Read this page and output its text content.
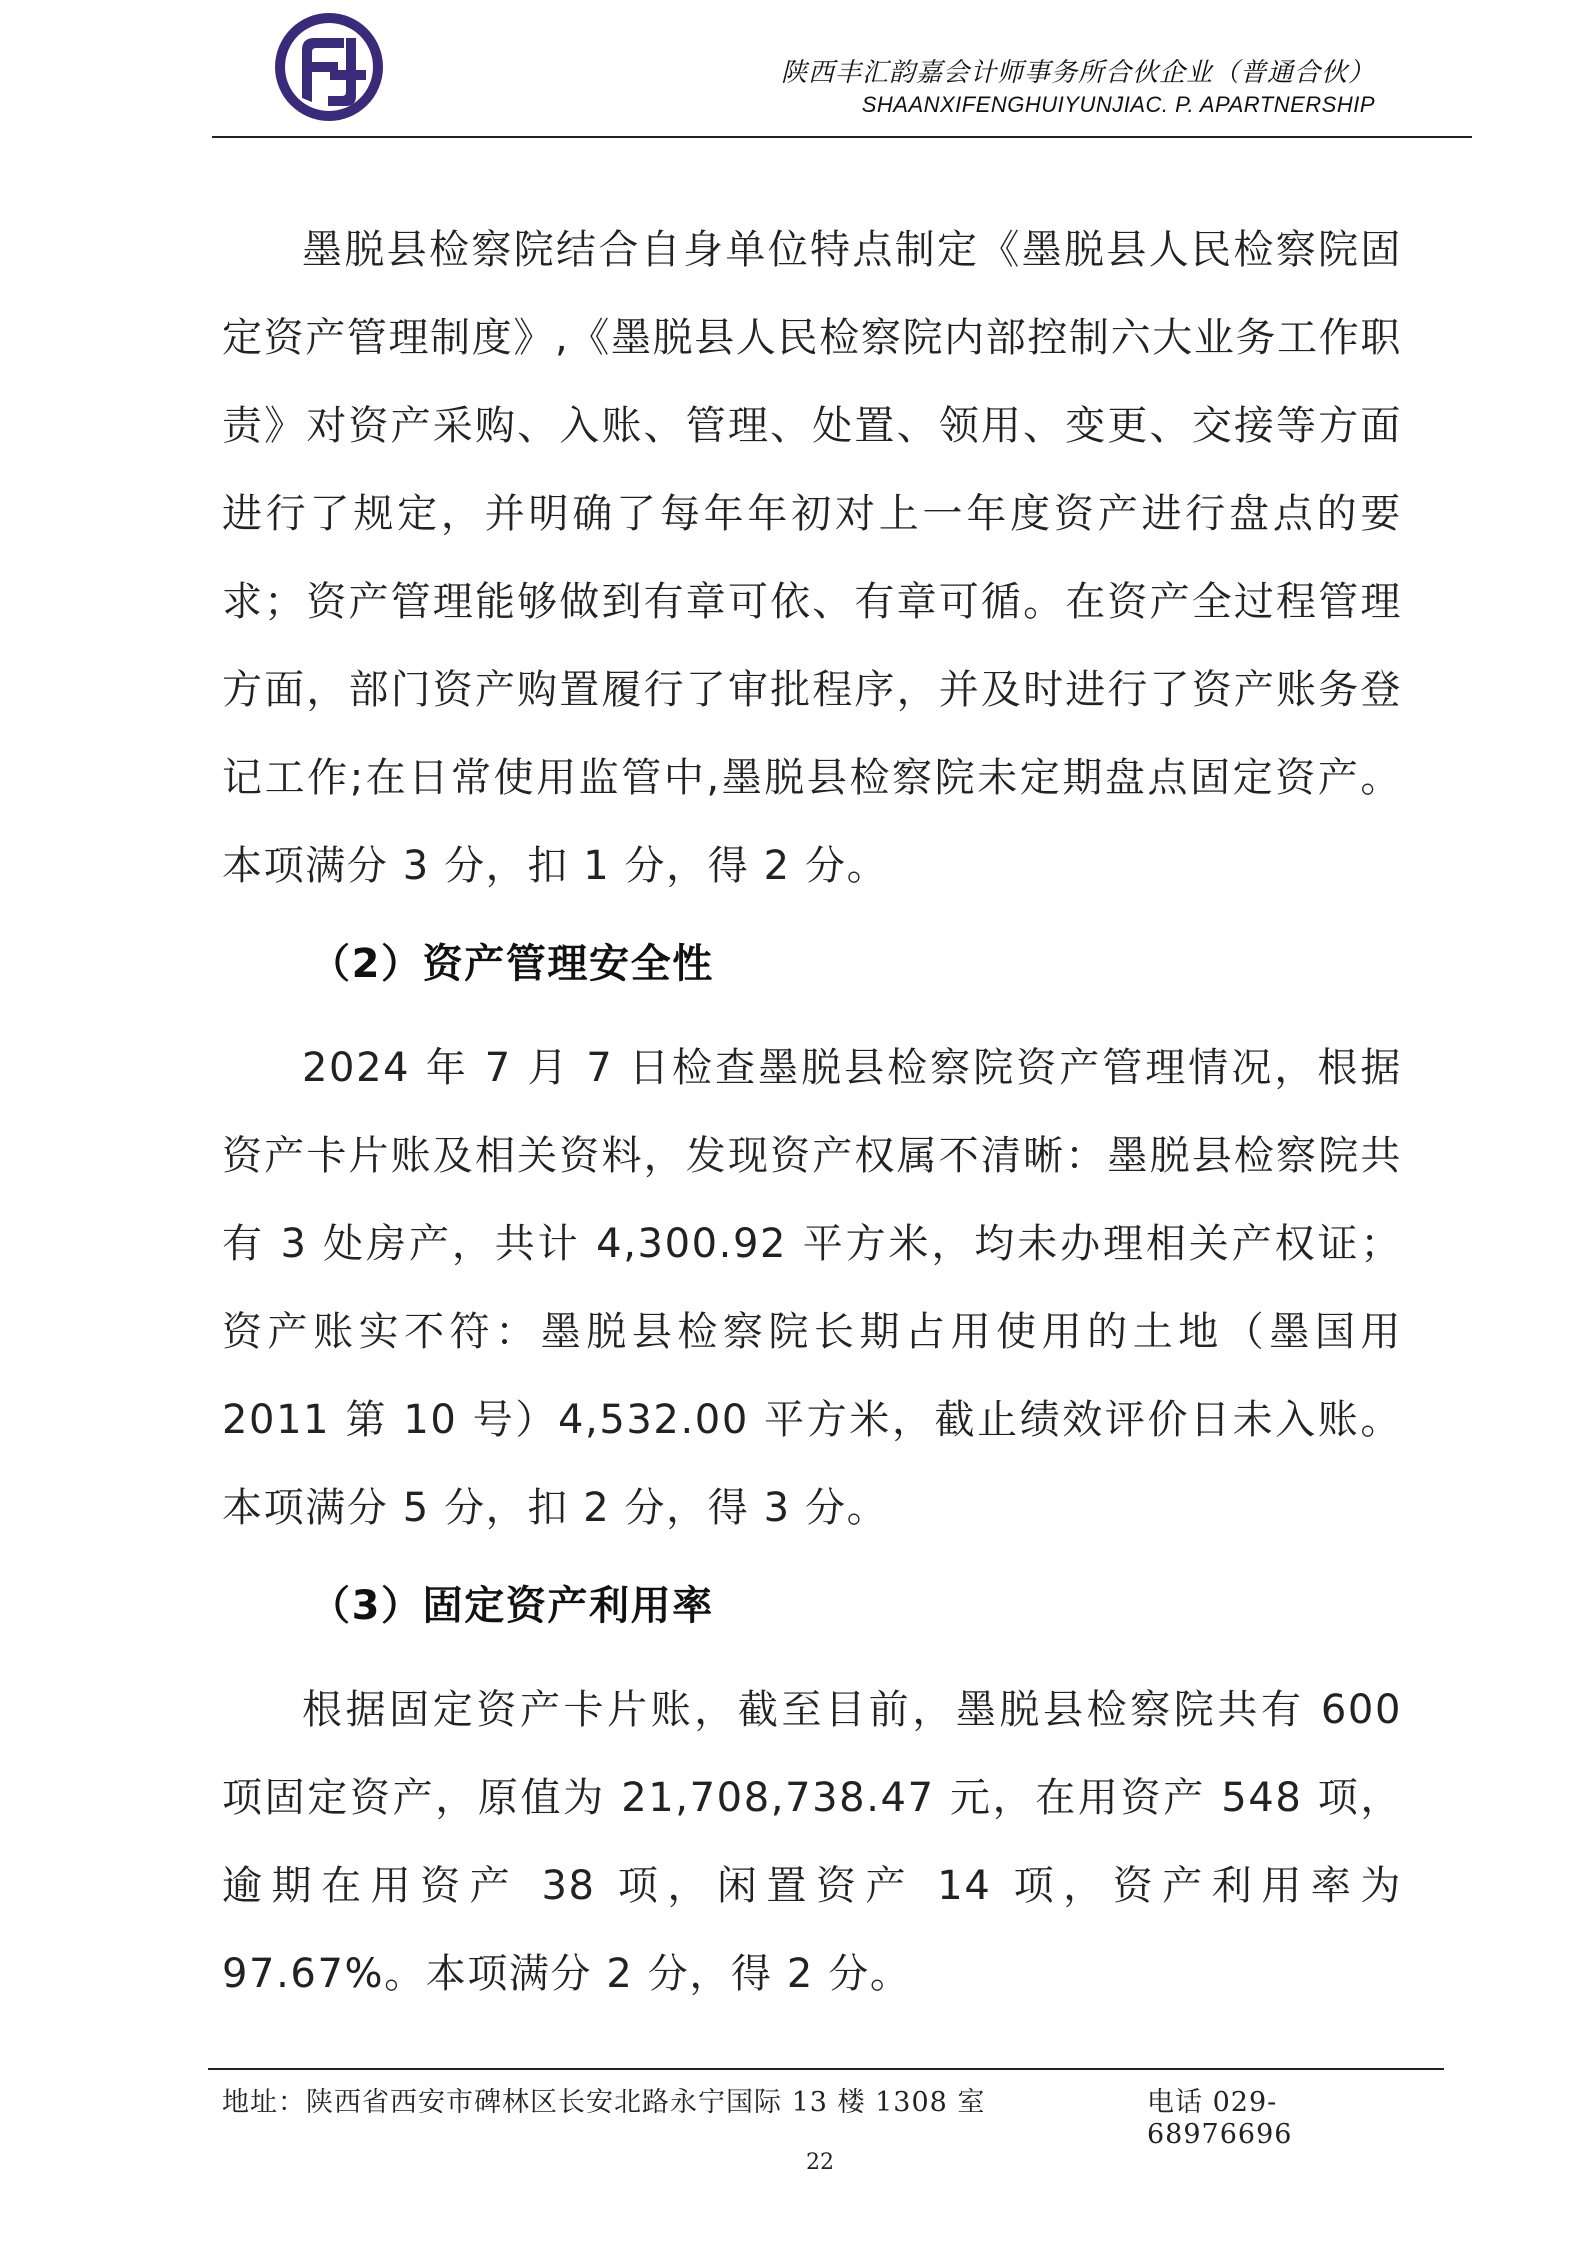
陕西丰汇韵嘉会计师事务所合伙企业（普通合伙）
SHAANXIFENGHUIYUNJIAC. P. APARTNERSHIP

墨脱县检察院结合自身单位特点制定《墨脱县人民检察院固定资产管理制度》,《墨脱县人民检察院内部控制六大业务工作职责》对资产采购、入账、管理、处置、领用、变更、交接等方面进行了规定，并明确了每年年初对上一年度资产进行盘点的要求；资产管理能够做到有章可依、有章可循。在资产全过程管理方面，部门资产购置履行了审批程序，并及时进行了资产账务登记工作;在日常使用监管中,墨脱县检察院未定期盘点固定资产。本项满分 3 分，扣 1 分，得 2 分。

（2）资产管理安全性

2024 年 7 月 7 日检查墨脱县检察院资产管理情况，根据资产卡片账及相关资料，发现资产权属不清晰：墨脱县检察院共有 3 处房产，共计 4,300.92 平方米，均未办理相关产权证；资产账实不符：墨脱县检察院长期占用使用的土地（墨国用 2011 第 10 号）4,532.00 平方米，截止绩效评价日未入账。本项满分 5 分，扣 2 分，得 3 分。

（3）固定资产利用率

根据固定资产卡片账，截至目前，墨脱县检察院共有 600 项固定资产，原值为 21,708,738.47 元，在用资产 548 项，逾期在用资产 38 项，闲置资产 14 项，资产利用率为 97.67%。本项满分 2 分，得 2 分。

地址：陕西省西安市碑林区长安北路永宁国际 13 楼 1308 室	电话 029-68976696
22
